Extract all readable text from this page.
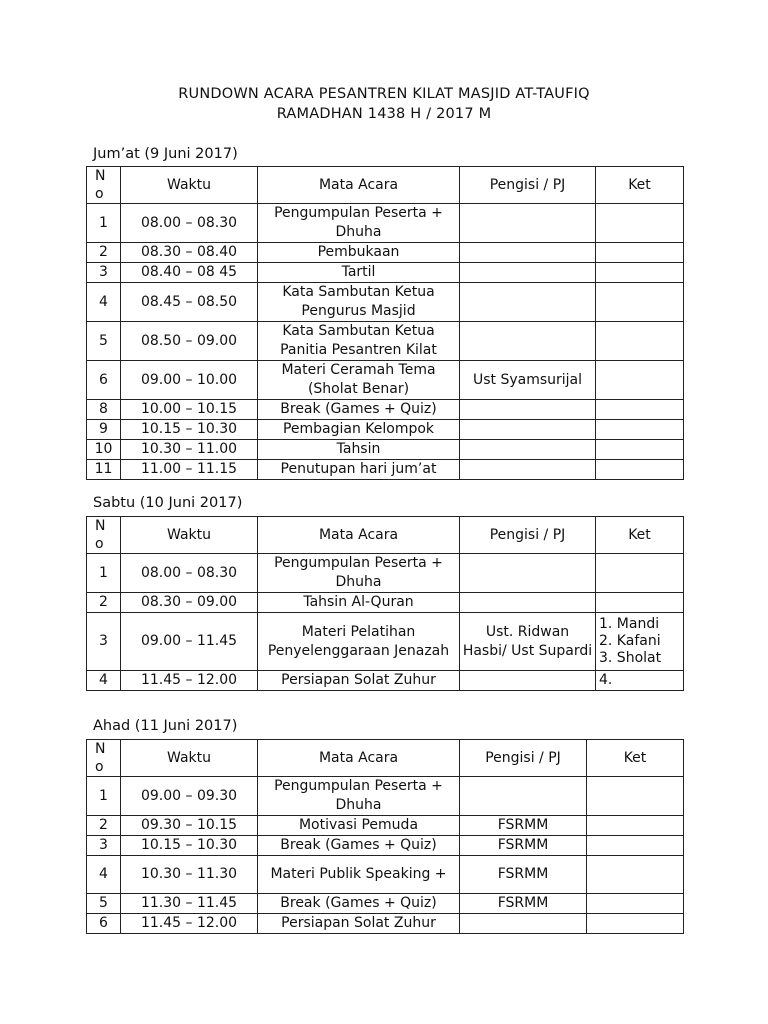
RUNDOWN ACARA PESANTREN KILAT MASJID AT-TAUFIQ
RAMADHAN 1438 H / 2017 M
Jum’at (9 Juni 2017)
N
o	Waktu	Mata Acara	Pengisi / PJ	Ket
1	08.00 – 08.30	Pengumpulan Peserta + Dhuha		
2	08.30 – 08.40	Pembukaan		
3	08.40 – 08 45	Tartil		
4	08.45 – 08.50	Kata Sambutan Ketua Pengurus Masjid		
5	08.50 – 09.00	Kata Sambutan Ketua Panitia Pesantren Kilat		
6	09.00 – 10.00	Materi Ceramah Tema (Sholat Benar)	Ust Syamsurijal	
8	10.00 – 10.15	Break (Games + Quiz)		
9	10.15 – 10.30	Pembagian Kelompok		
10	10.30 – 11.00	Tahsin		
11	11.00 – 11.15	Penutupan hari jum’at		
Sabtu (10 Juni 2017)
N
o	Waktu	Mata Acara	Pengisi / PJ	Ket
1	08.00 – 08.30	Pengumpulan Peserta + Dhuha		
2	08.30 – 09.00	Tahsin Al-Quran		
3	09.00 – 11.45	Materi Pelatihan Penyelenggaraan Jenazah	Ust. Ridwan Hasbi/ Ust Supardi	1. Mandi
2. Kafani
3. Sholat

4	11.45 – 12.00	Persiapan Solat Zuhur		4.
Ahad (11 Juni 2017)
N
o	Waktu	Mata Acara	Pengisi / PJ	Ket
1	09.00 – 09.30	Pengumpulan Peserta + Dhuha		
2	09.30 – 10.15	Motivasi Pemuda	FSRMM	
3	10.15 – 10.30	Break (Games + Quiz)	FSRMM	
4	10.30 – 11.30	Materi Publik Speaking +	FSRMM	
5	11.30 – 11.45	Break (Games + Quiz)	FSRMM	
6	11.45 – 12.00	Persiapan Solat Zuhur		
